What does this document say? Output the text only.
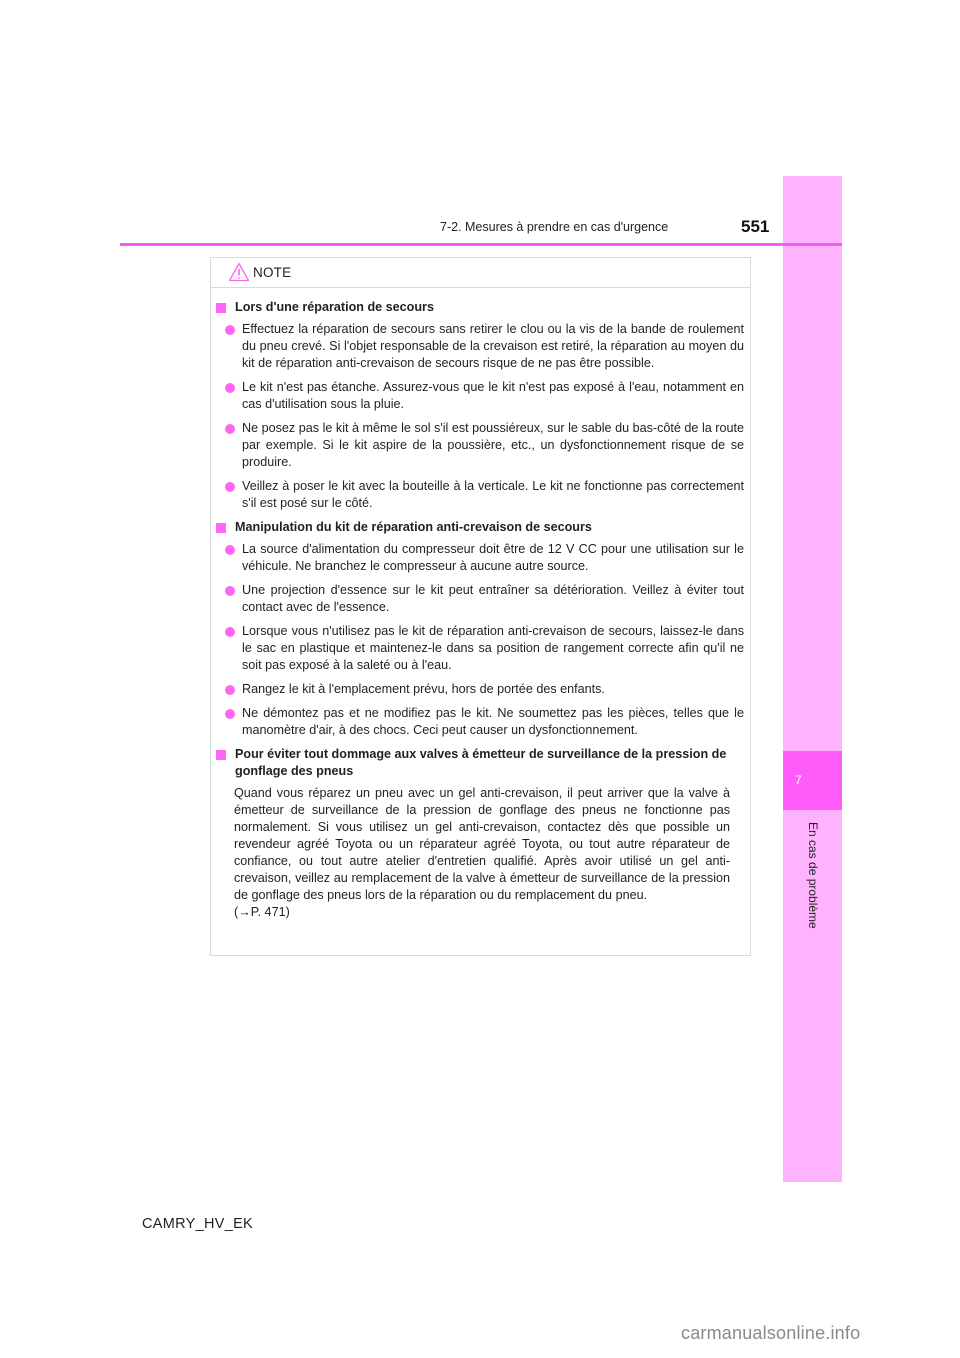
7
En cas de problème
7-2. Mesures à prendre en cas d'urgence	551
NOTE
Lors d'une réparation de secours
Effectuez la réparation de secours sans retirer le clou ou la vis de la bande de roulement du pneu crevé. Si l'objet responsable de la crevaison est retiré, la réparation au moyen du kit de réparation anti-crevaison de secours risque de ne pas être possible.
Le kit n'est pas étanche. Assurez-vous que le kit n'est pas exposé à l'eau, notamment en cas d'utilisation sous la pluie.
Ne posez pas le kit à même le sol s'il est poussiéreux, sur le sable du bas-côté de la route par exemple. Si le kit aspire de la poussière, etc., un dysfonctionnement risque de se produire.
Veillez à poser le kit avec la bouteille à la verticale. Le kit ne fonctionne pas correctement s'il est posé sur le côté.
Manipulation du kit de réparation anti-crevaison de secours
La source d'alimentation du compresseur doit être de 12 V CC pour une utilisation sur le véhicule. Ne branchez le compresseur à aucune autre source.
Une projection d'essence sur le kit peut entraîner sa détérioration. Veillez à éviter tout contact avec de l'essence.
Lorsque vous n'utilisez pas le kit de réparation anti-crevaison de secours, laissez-le dans le sac en plastique et maintenez-le dans sa position de rangement correcte afin qu'il ne soit pas exposé à la saleté ou à l'eau.
Rangez le kit à l'emplacement prévu, hors de portée des enfants.
Ne démontez pas et ne modifiez pas le kit. Ne soumettez pas les pièces, telles que le manomètre d'air, à des chocs. Ceci peut causer un dysfonctionnement.
Pour éviter tout dommage aux valves à émetteur de surveillance de la pression de gonflage des pneus
Quand vous réparez un pneu avec un gel anti-crevaison, il peut arriver que la valve à émetteur de surveillance de la pression de gonflage des pneus ne fonctionne pas normalement. Si vous utilisez un gel anti-crevaison, contactez dès que possible un revendeur agréé Toyota ou un réparateur agréé Toyota, ou tout autre réparateur de confiance, ou tout autre atelier d'entretien qualifié. Après avoir utilisé un gel anti-crevaison, veillez au remplacement de la valve à émetteur de surveillance de la pression de gonflage des pneus lors de la réparation ou du remplacement du pneu.
(→P. 471)
CAMRY_HV_EK
carmanualsonline.info
